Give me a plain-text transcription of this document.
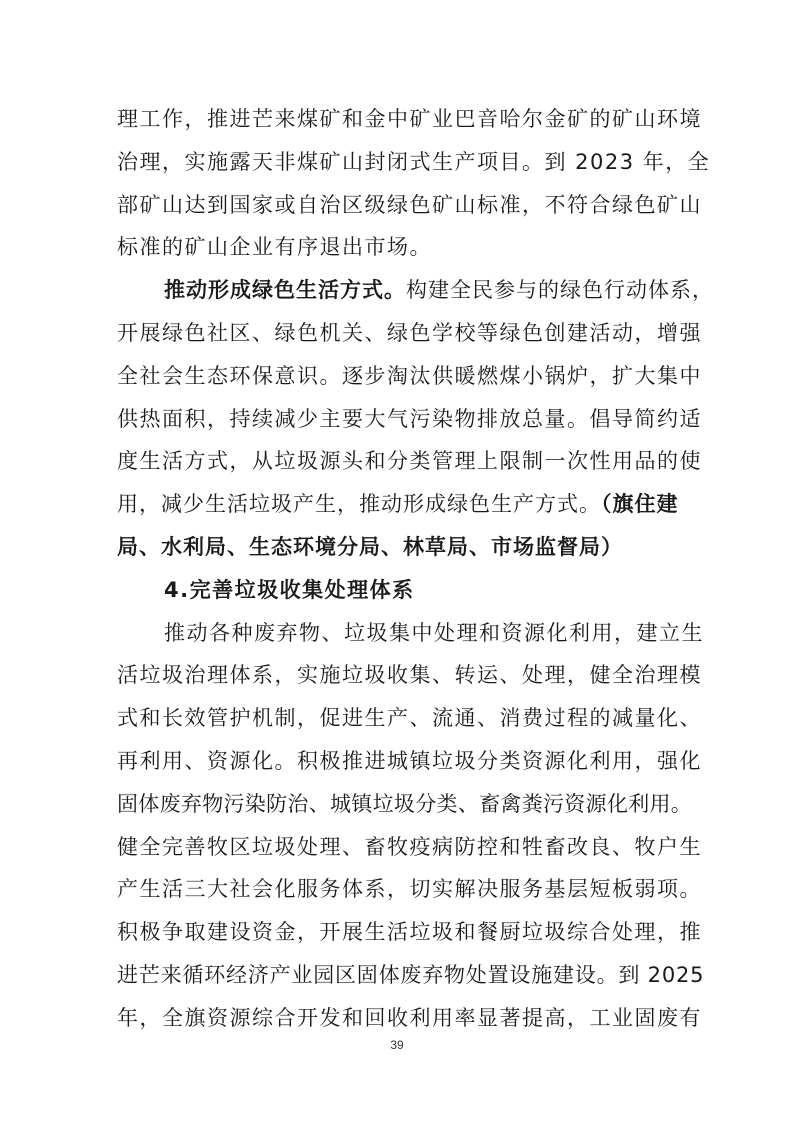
理工作，推进芒来煤矿和金中矿业巴音哈尔金矿的矿山环境
治理，实施露天非煤矿山封闭式生产项目。到 2023 年，全
部矿山达到国家或自治区级绿色矿山标准，不符合绿色矿山
标准的矿山企业有序退出市场。
推动形成绿色生活方式。构建全民参与的绿色行动体系，
开展绿色社区、绿色机关、绿色学校等绿色创建活动，增强
全社会生态环保意识。逐步淘汰供暖燃煤小锅炉，扩大集中
供热面积，持续减少主要大气污染物排放总量。倡导简约适
度生活方式，从垃圾源头和分类管理上限制一次性用品的使
用，减少生活垃圾产生，推动形成绿色生产方式。（旗住建
局、水利局、生态环境分局、林草局、市场监督局）
4.完善垃圾收集处理体系
推动各种废弃物、垃圾集中处理和资源化利用，建立生
活垃圾治理体系，实施垃圾收集、转运、处理，健全治理模
式和长效管护机制，促进生产、流通、消费过程的减量化、
再利用、资源化。积极推进城镇垃圾分类资源化利用，强化
固体废弃物污染防治、城镇垃圾分类、畜禽粪污资源化利用。
健全完善牧区垃圾处理、畜牧疫病防控和牲畜改良、牧户生
产生活三大社会化服务体系，切实解决服务基层短板弱项。
积极争取建设资金，开展生活垃圾和餐厨垃圾综合处理，推
进芒来循环经济产业园区固体废弃物处置设施建设。到 2025
年，全旗资源综合开发和回收利用率显著提高，工业固废有
39
